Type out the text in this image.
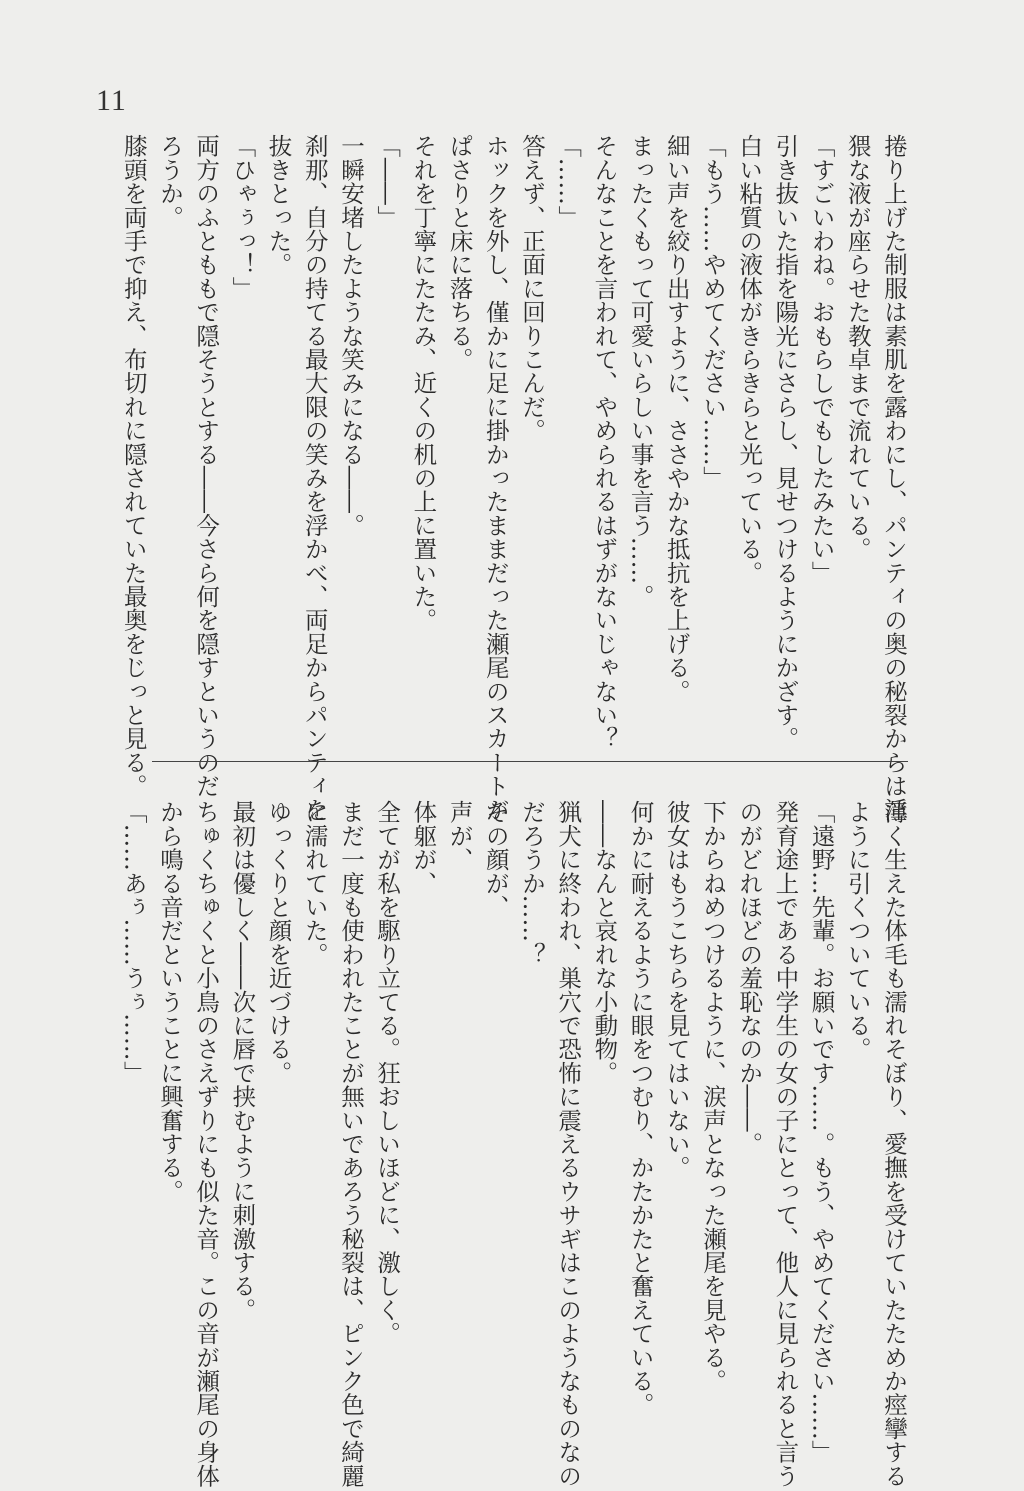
11

捲り上げた制服は素肌を露わにし、パンティの奥の秘裂からは淫

猥な液が座らせた教卓まで流れている。

「すごいわね。おもらしでもしたみたい」

引き抜いた指を陽光にさらし、見せつけるようにかざす。

白い粘質の液体がきらきらと光っている。

「もう……やめてください……」

細い声を絞り出すように、ささやかな抵抗を上げる。

まったくもって可愛いらしい事を言う……。

そんなことを言われて、やめられるはずがないじゃない？

「……」

答えず、正面に回りこんだ。

ホックを外し、僅かに足に掛かったままだった瀬尾のスカートが

ぱさりと床に落ちる。

それを丁寧にたたみ、近くの机の上に置いた。

「――」

一瞬安堵したような笑みになる――。

刹那、自分の持てる最大限の笑みを浮かべ、両足からパンティを

抜きとった。

「ひゃぅっ！」

両方のふとももで隠そうとする――今さら何を隠すというのだ

ろうか。

膝頭を両手で抑え、布切れに隠されていた最奥をじっと見る。

薄く生えた体毛も濡れそぼり、愛撫を受けていたためか痙攣する

ように引くついている。

「遠野…先輩。お願いです……。もう、やめてください……」

発育途上である中学生の女の子にとって、他人に見られると言う

のがどれほどの羞恥なのか――。

下からねめつけるように、涙声となった瀬尾を見やる。

彼女はもうこちらを見てはいない。

何かに耐えるように眼をつむり、かたかたと奮えている。

――なんと哀れな小動物。

猟犬に終われ、巣穴で恐怖に震えるウサギはこのようなものなの

だろうか……？

その顔が、

声が、

体躯が、

全てが私を駆り立てる。狂おしいほどに、激しく。

まだ一度も使われたことが無いであろう秘裂は、ピンク色で綺麗

に濡れていた。

ゆっくりと顔を近づける。

最初は優しく――次に唇で挟むように刺激する。

ちゅくちゅくと小鳥のさえずりにも似た音。この音が瀬尾の身体

から鳴る音だということに興奮する。

「……あぅ……うぅ……」
